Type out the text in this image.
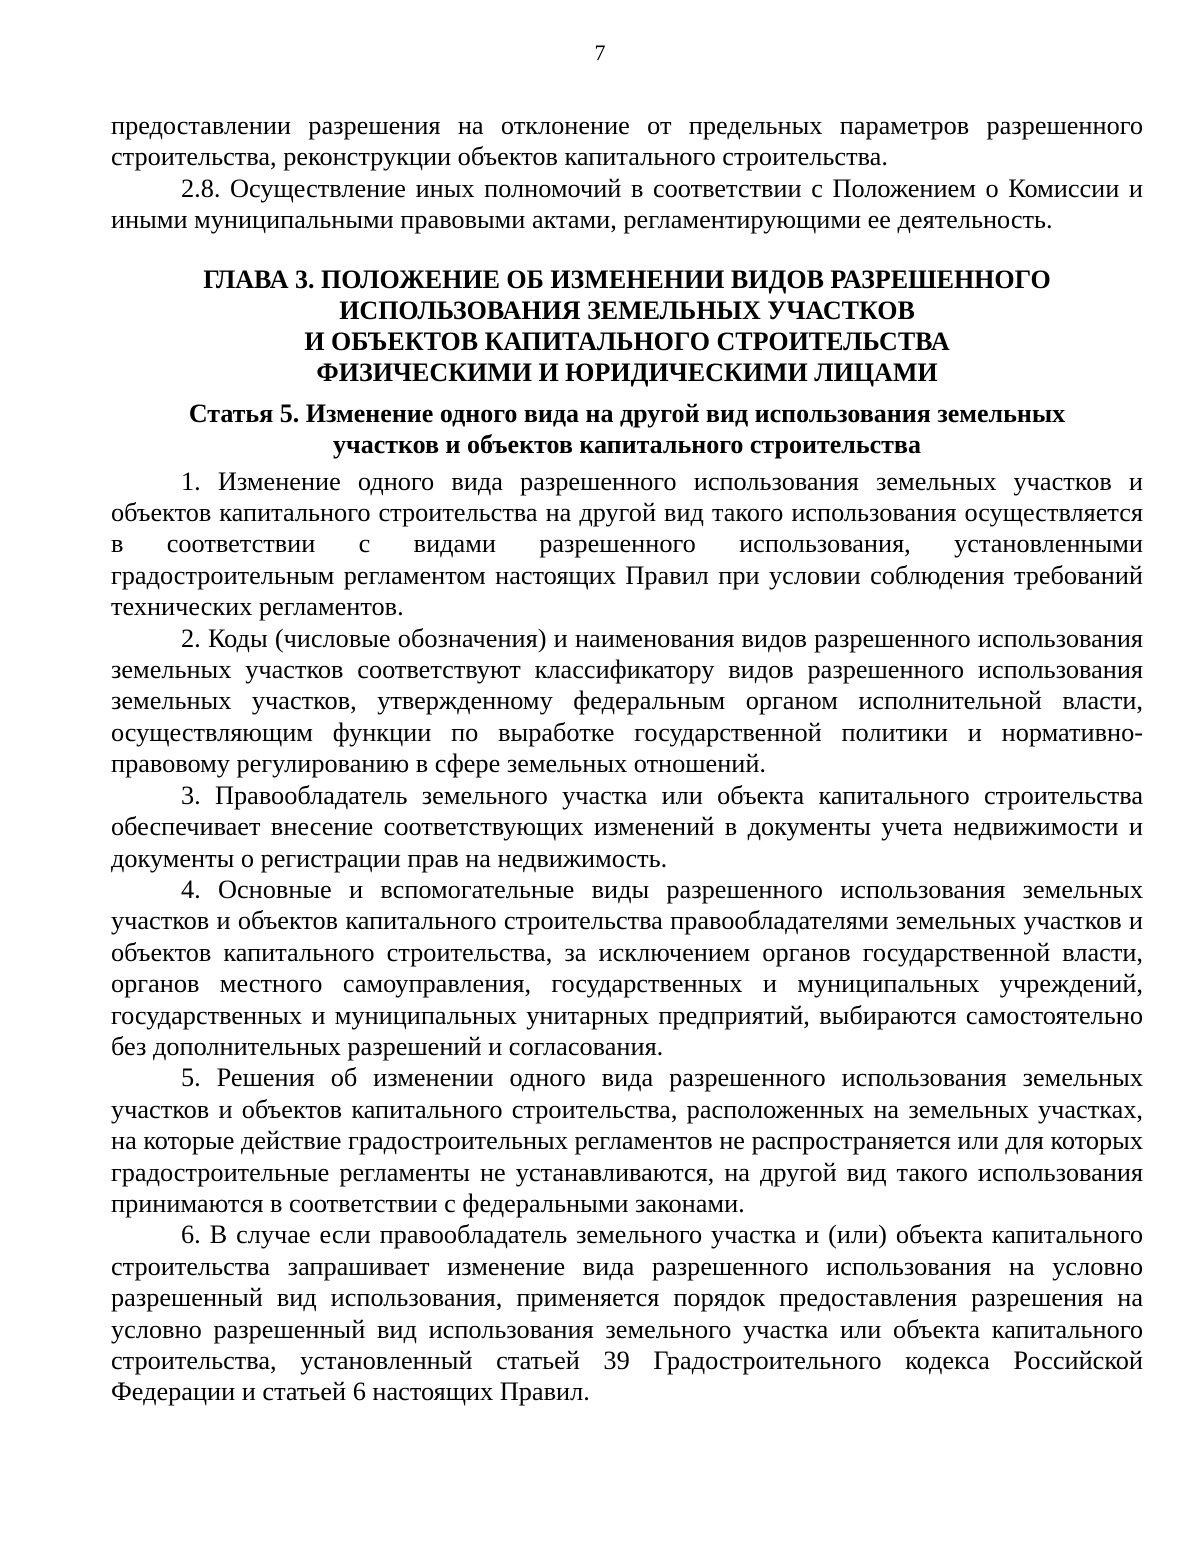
7

предоставлении разрешения на отклонение от предельных параметров разрешенного строительства, реконструкции объектов капитального строительства.

2.8. Осуществление иных полномочий в соответствии с Положением о Комиссии и иными муниципальными правовыми актами, регламентирующими ее деятельность.

ГЛАВА 3. ПОЛОЖЕНИЕ ОБ ИЗМЕНЕНИИ ВИДОВ РАЗРЕШЕННОГО
ИСПОЛЬЗОВАНИЯ ЗЕМЕЛЬНЫХ УЧАСТКОВ
И ОБЪЕКТОВ КАПИТАЛЬНОГО СТРОИТЕЛЬСТВА
ФИЗИЧЕСКИМИ И ЮРИДИЧЕСКИМИ ЛИЦАМИ
Статья 5. Изменение одного вида на другой вид использования земельных
участков и объектов капитального строительства

1. Изменение одного вида разрешенного использования земельных участков и объектов капитального строительства на другой вид такого использования осуществляется в соответствии с видами разрешенного использования, установленными градостроительным регламентом настоящих Правил при условии соблюдения требований технических регламентов.

2. Коды (числовые обозначения) и наименования видов разрешенного использования земельных участков соответствуют классификатору видов разрешенного использования земельных участков, утвержденному федеральным органом исполнительной власти, осуществляющим функции по выработке государственной политики и нормативно-правовому регулированию в сфере земельных отношений.

3. Правообладатель земельного участка или объекта капитального строительства обеспечивает внесение соответствующих изменений в документы учета недвижимости и документы о регистрации прав на недвижимость.

4. Основные и вспомогательные виды разрешенного использования земельных участков и объектов капитального строительства правообладателями земельных участков и объектов капитального строительства, за исключением органов государственной власти, органов местного самоуправления, государственных и муниципальных учреждений, государственных и муниципальных унитарных предприятий, выбираются самостоятельно без дополнительных разрешений и согласования.

5. Решения об изменении одного вида разрешенного использования земельных участков и объектов капитального строительства, расположенных на земельных участках, на которые действие градостроительных регламентов не распространяется или для которых градостроительные регламенты не устанавливаются, на другой вид такого использования принимаются в соответствии с федеральными законами.

6. В случае если правообладатель земельного участка и (или) объекта капитального строительства запрашивает изменение вида разрешенного использования на условно разрешенный вид использования, применяется порядок предоставления разрешения на условно разрешенный вид использования земельного участка или объекта капитального строительства, установленный статьей 39 Градостроительного кодекса Российской Федерации и статьей 6 настоящих Правил.
